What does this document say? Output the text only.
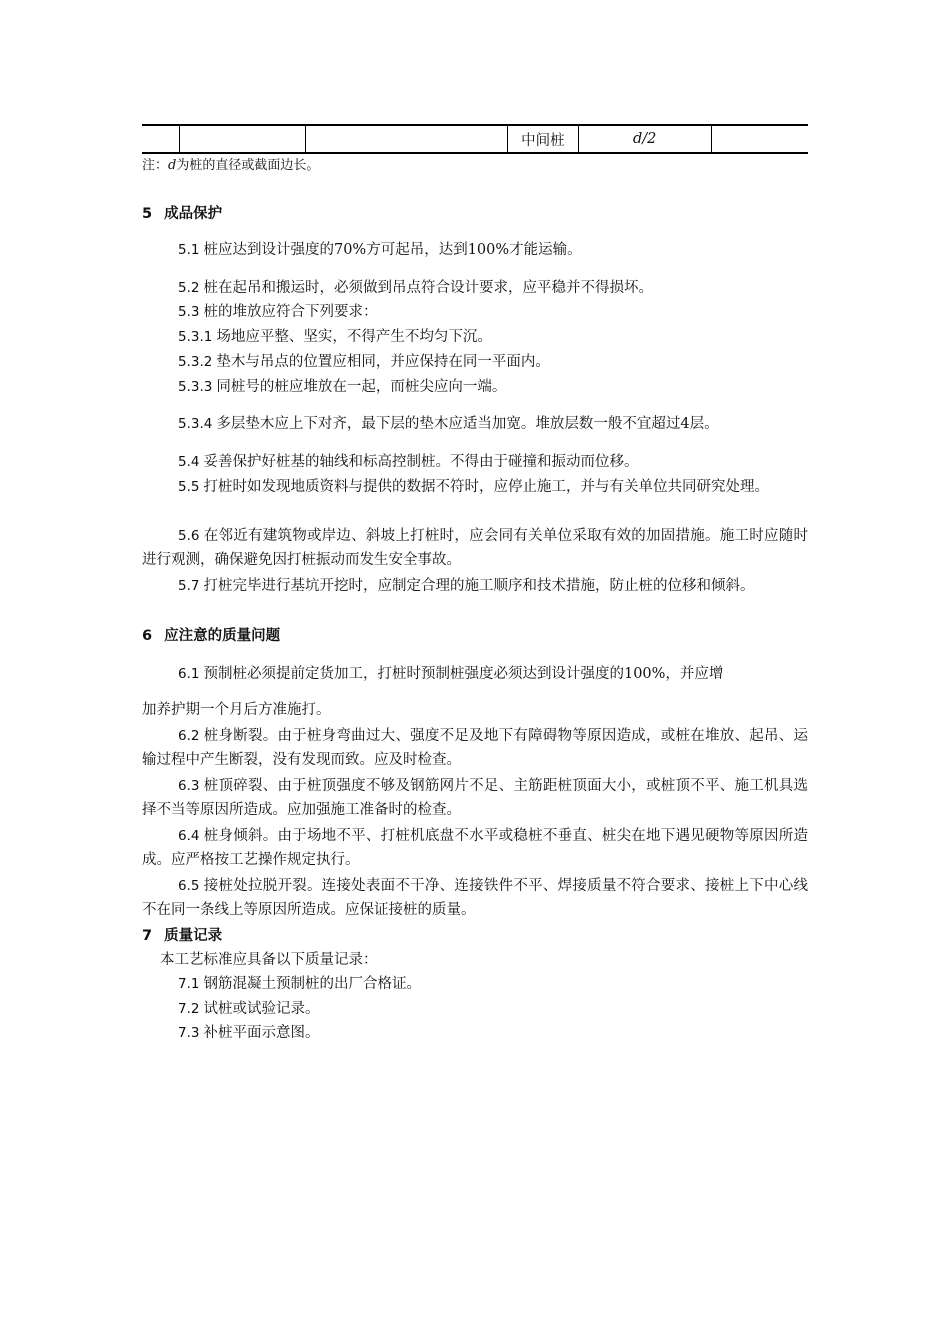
			中间桩	d/2	
注：d为桩的直径或截面边长。

5 成品保护

5.1 桩应达到设计强度的70%方可起吊，达到100%才能运输。

5.2 桩在起吊和搬运时，必须做到吊点符合设计要求，应平稳并不得损坏。

5.3 桩的堆放应符合下列要求：

5.3.1 场地应平整、坚实，不得产生不均匀下沉。

5.3.2 垫木与吊点的位置应相同，并应保持在同一平面内。

5.3.3 同桩号的桩应堆放在一起，而桩尖应向一端。

5.3.4 多层垫木应上下对齐，最下层的垫木应适当加宽。堆放层数一般不宜超过4层。

5.4 妥善保护好桩基的轴线和标高控制桩。不得由于碰撞和振动而位移。

5.5 打桩时如发现地质资料与提供的数据不符时，应停止施工，并与有关单位共同研究处理。

5.6 在邻近有建筑物或岸边、斜坡上打桩时，应会同有关单位采取有效的加固措施。施工时应随时进行观测，确保避免因打桩振动而发生安全事故。

5.7 打桩完毕进行基坑开挖时，应制定合理的施工顺序和技术措施，防止桩的位移和倾斜。

6 应注意的质量问题

6.1 预制桩必须提前定货加工，打桩时预制桩强度必须达到设计强度的100%，并应增

加养护期一个月后方准施打。

6.2 桩身断裂。由于桩身弯曲过大、强度不足及地下有障碍物等原因造成，或桩在堆放、起吊、运输过程中产生断裂，没有发现而致。应及时检查。

6.3 桩顶碎裂、由于桩顶强度不够及钢筋网片不足、主筋距桩顶面大小，或桩顶不平、施工机具选择不当等原因所造成。应加强施工准备时的检查。

6.4 桩身倾斜。由于场地不平、打桩机底盘不水平或稳桩不垂直、桩尖在地下遇见硬物等原因所造成。应严格按工艺操作规定执行。

6.5 接桩处拉脱开裂。连接处表面不干净、连接铁件不平、焊接质量不符合要求、接桩上下中心线不在同一条线上等原因所造成。应保证接桩的质量。

7 质量记录

本工艺标准应具备以下质量记录：

7.1 钢筋混凝土预制桩的出厂合格证。

7.2 试桩或试验记录。

7.3 补桩平面示意图。
